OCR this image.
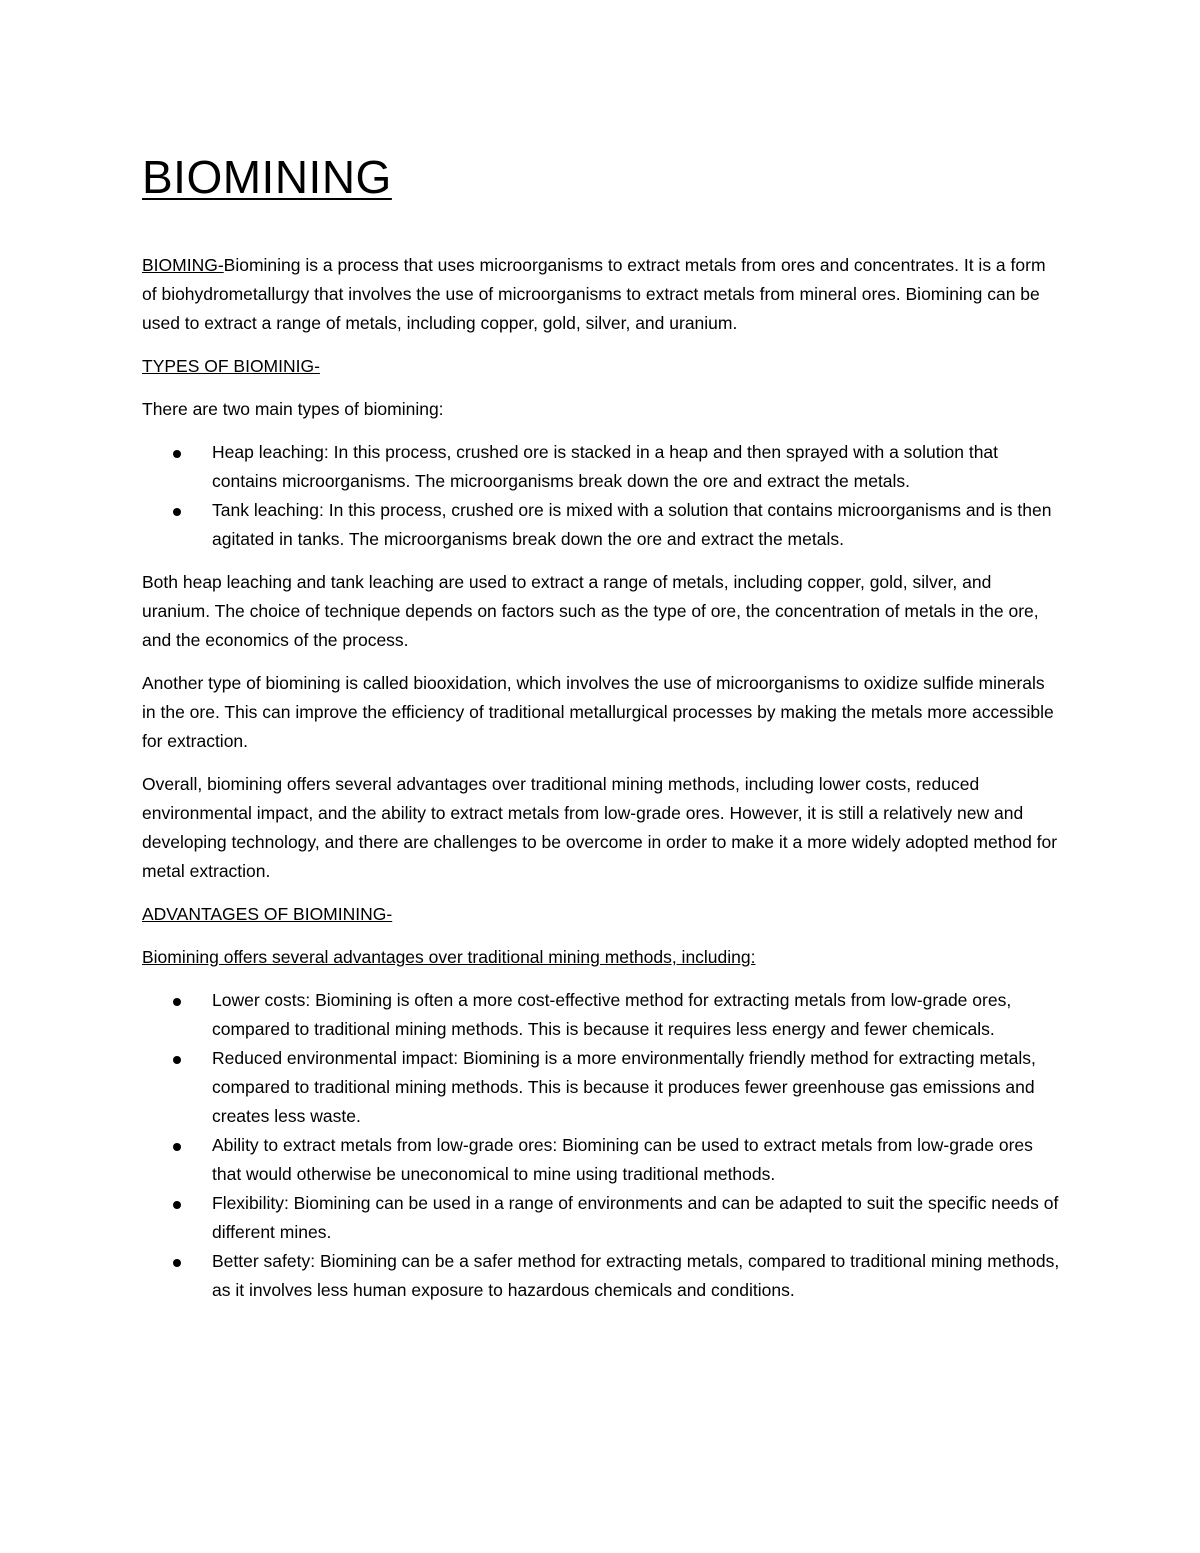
BIOMINING

BIOMING-Biomining is a process that uses microorganisms to extract metals from ores and concentrates. It is a form of biohydrometallurgy that involves the use of microorganisms to extract metals from mineral ores. Biomining can be used to extract a range of metals, including copper, gold, silver, and uranium.

TYPES OF BIOMINIG-

There are two main types of biomining:

Heap leaching: In this process, crushed ore is stacked in a heap and then sprayed with a solution that contains microorganisms. The microorganisms break down the ore and extract the metals.
Tank leaching: In this process, crushed ore is mixed with a solution that contains microorganisms and is then agitated in tanks. The microorganisms break down the ore and extract the metals.

Both heap leaching and tank leaching are used to extract a range of metals, including copper, gold, silver, and uranium. The choice of technique depends on factors such as the type of ore, the concentration of metals in the ore, and the economics of the process.

Another type of biomining is called biooxidation, which involves the use of microorganisms to oxidize sulfide minerals in the ore. This can improve the efficiency of traditional metallurgical processes by making the metals more accessible for extraction.

Overall, biomining offers several advantages over traditional mining methods, including lower costs, reduced environmental impact, and the ability to extract metals from low-grade ores. However, it is still a relatively new and developing technology, and there are challenges to be overcome in order to make it a more widely adopted method for metal extraction.

ADVANTAGES OF BIOMINING-

Biomining offers several advantages over traditional mining methods, including:

Lower costs: Biomining is often a more cost-effective method for extracting metals from low-grade ores, compared to traditional mining methods. This is because it requires less energy and fewer chemicals.
Reduced environmental impact: Biomining is a more environmentally friendly method for extracting metals, compared to traditional mining methods. This is because it produces fewer greenhouse gas emissions and creates less waste.
Ability to extract metals from low-grade ores: Biomining can be used to extract metals from low-grade ores that would otherwise be uneconomical to mine using traditional methods.
Flexibility: Biomining can be used in a range of environments and can be adapted to suit the specific needs of different mines.
Better safety: Biomining can be a safer method for extracting metals, compared to traditional mining methods, as it involves less human exposure to hazardous chemicals and conditions.
